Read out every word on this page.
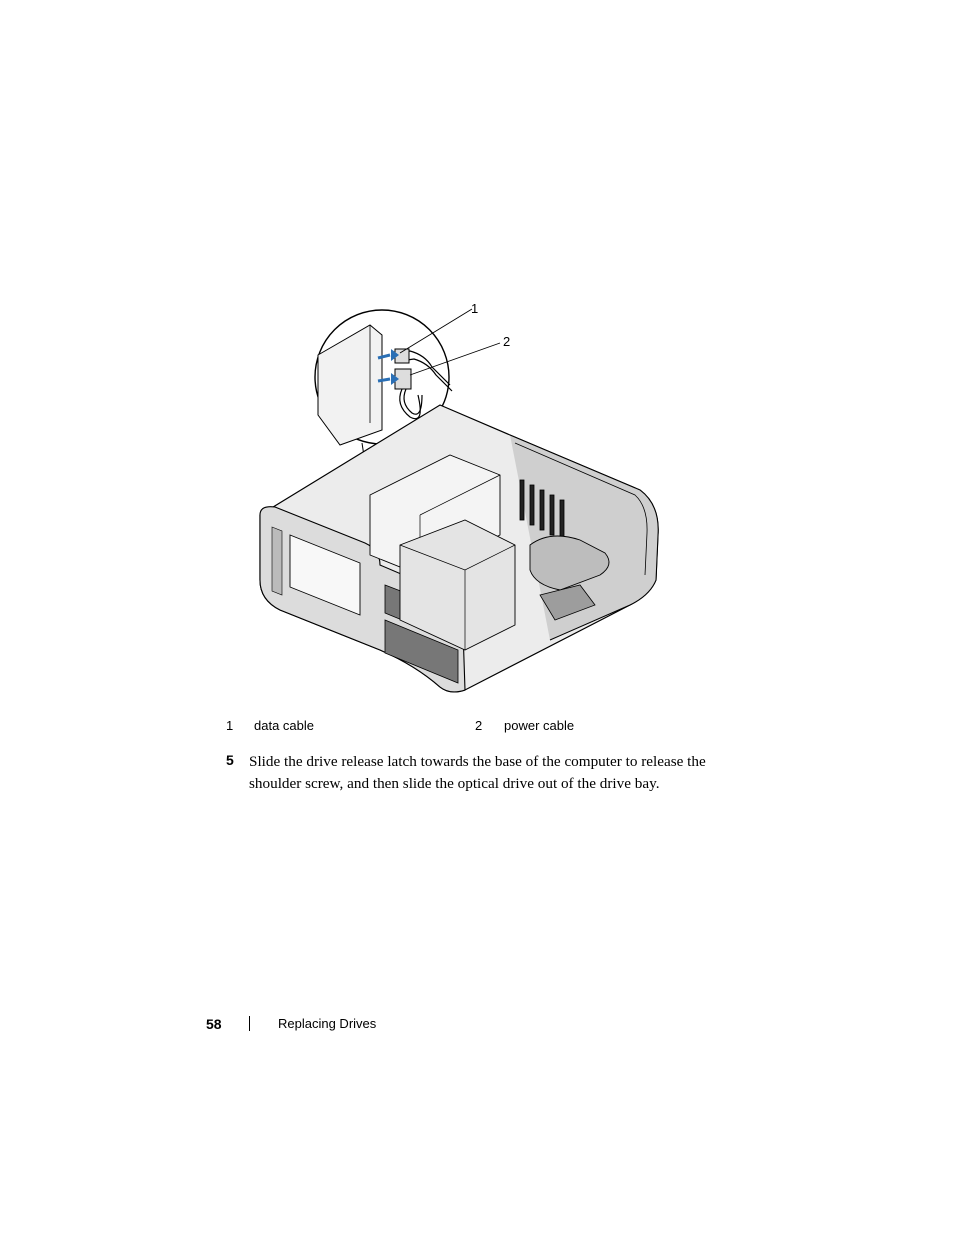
1
2
1 data cable	2 power cable
5 Slide the drive release latch towards the base of the computer to release the shoulder screw, and then slide the optical drive out of the drive bay.
58	Replacing Drives
